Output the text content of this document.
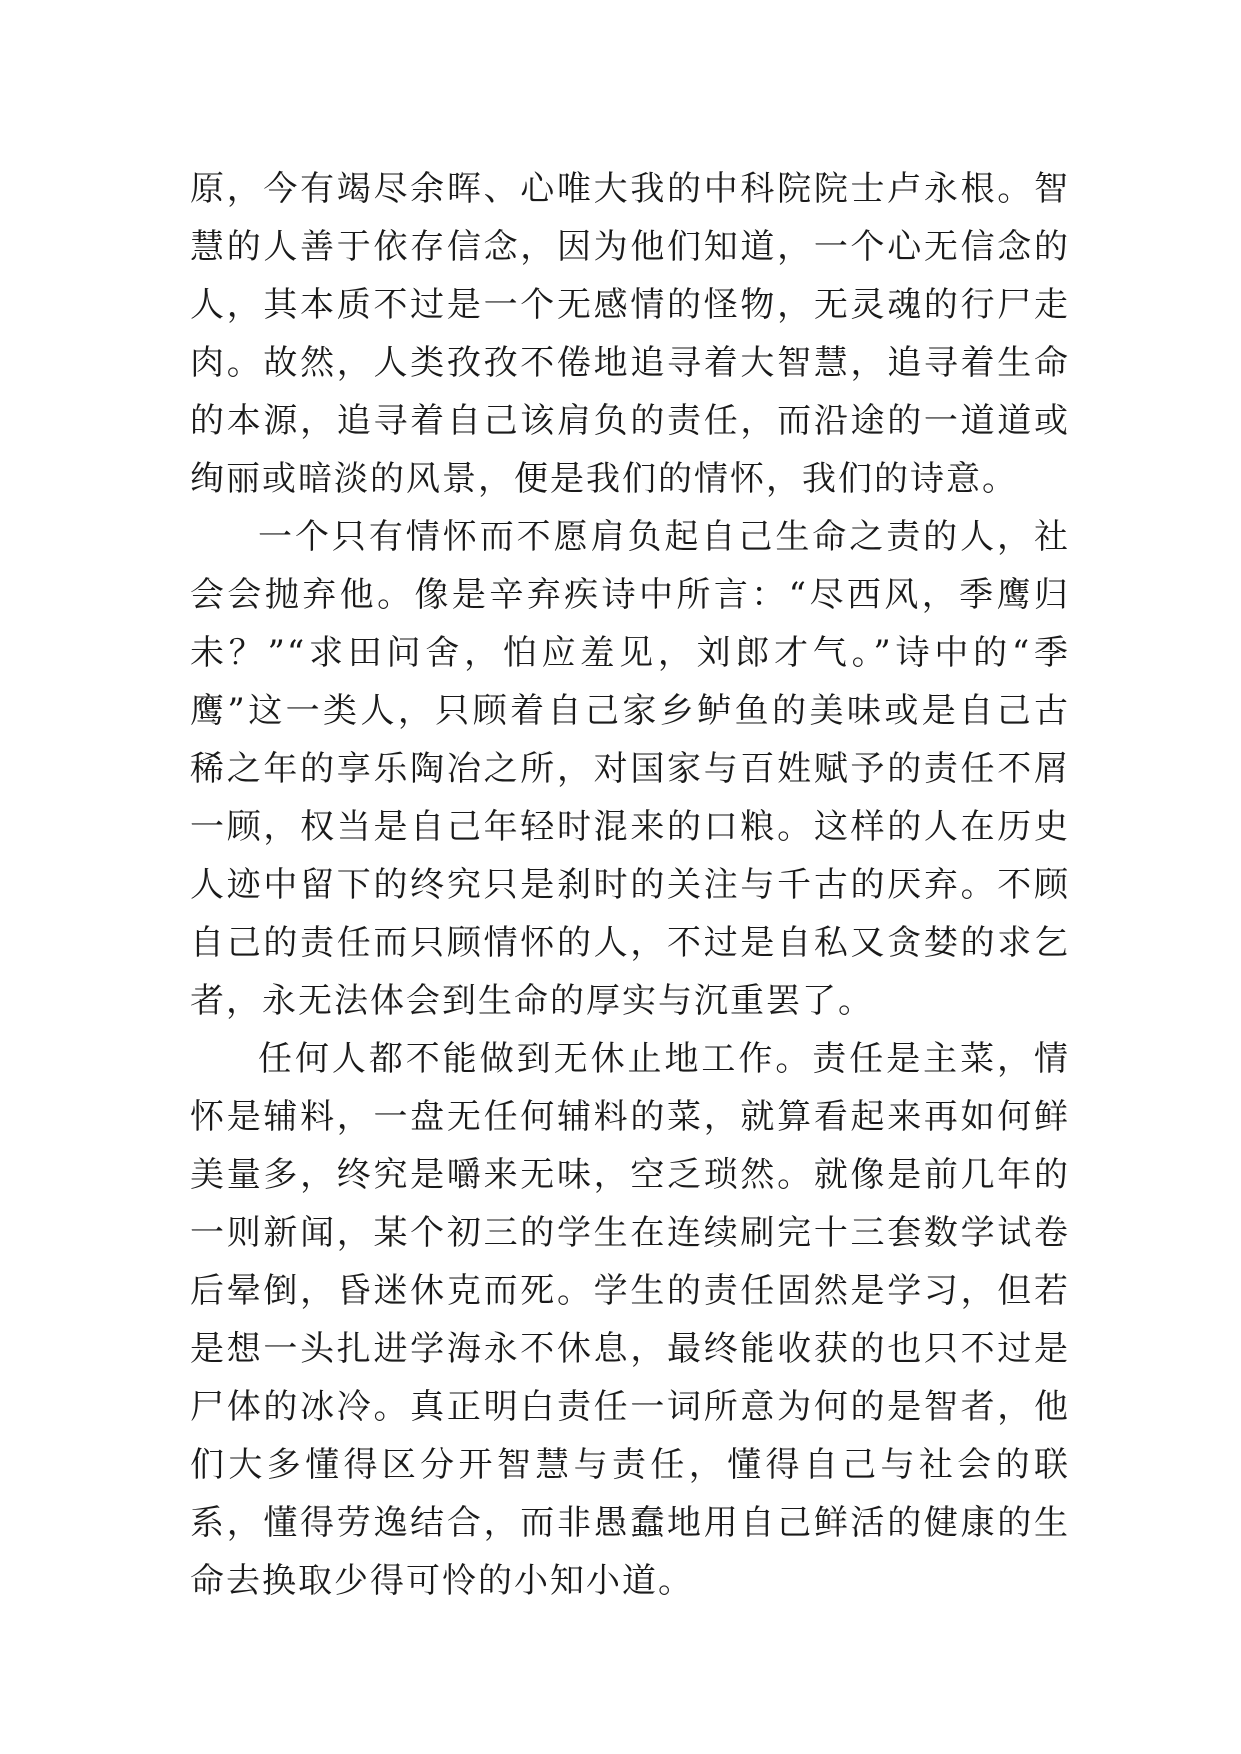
原，今有竭尽余晖、心唯大我的中科院院士卢永根。智慧的人善于依存信念，因为他们知道，一个心无信念的人，其本质不过是一个无感情的怪物，无灵魂的行尸走肉。故然，人类孜孜不倦地追寻着大智慧，追寻着生命的本源，追寻着自己该肩负的责任，而沿途的一道道或绚丽或暗淡的风景，便是我们的情怀，我们的诗意。

一个只有情怀而不愿肩负起自己生命之责的人，社会会抛弃他。像是辛弃疾诗中所言：“尽西风，季鹰归未？”“求田问舍，怕应羞见，刘郎才气。”诗中的“季鹰”这一类人，只顾着自己家乡鲈鱼的美味或是自己古稀之年的享乐陶冶之所，对国家与百姓赋予的责任不屑一顾，权当是自己年轻时混来的口粮。这样的人在历史人迹中留下的终究只是刹时的关注与千古的厌弃。不顾自己的责任而只顾情怀的人，不过是自私又贪婪的求乞者，永无法体会到生命的厚实与沉重罢了。

任何人都不能做到无休止地工作。责任是主菜，情怀是辅料，一盘无任何辅料的菜，就算看起来再如何鲜美量多，终究是嚼来无味，空乏琐然。就像是前几年的一则新闻，某个初三的学生在连续刷完十三套数学试卷后晕倒，昏迷休克而死。学生的责任固然是学习，但若是想一头扎进学海永不休息，最终能收获的也只不过是尸体的冰冷。真正明白责任一词所意为何的是智者，他们大多懂得区分开智慧与责任，懂得自己与社会的联系，懂得劳逸结合，而非愚蠢地用自己鲜活的健康的生命去换取少得可怜的小知小道。
